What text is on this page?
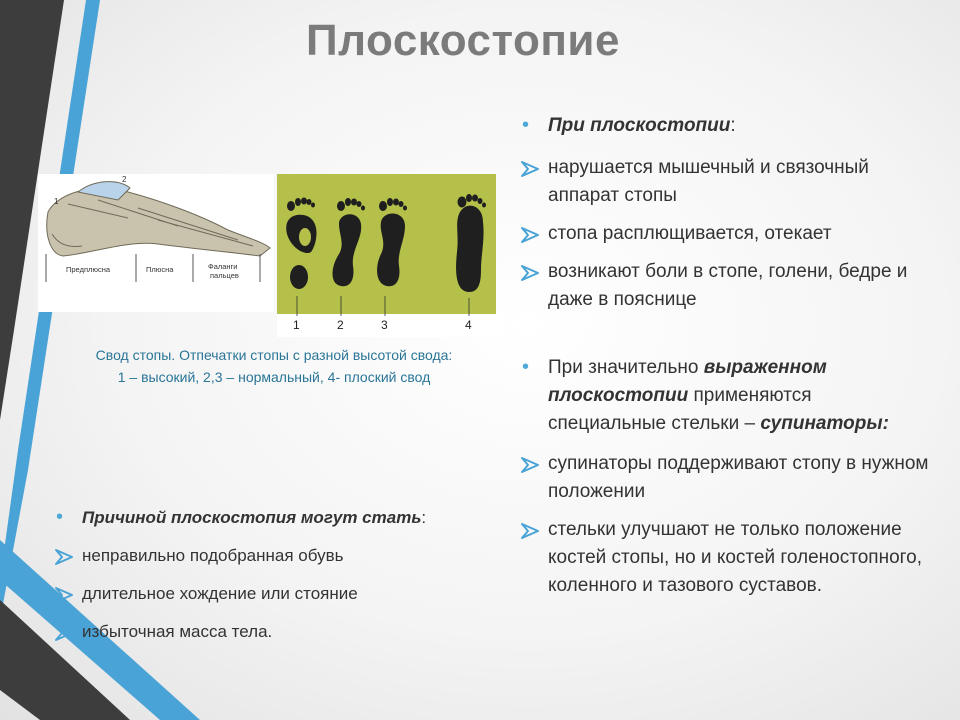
Плоскостопие
1
2
Предплюсна	Плюсна	Фаланги пальцев
1	2	3	4
Свод стопы. Отпечатки стопы с разной высотой свода:
1 – высокий, 2,3 – нормальный, 4- плоский свод
• При плоскостопии:
нарушается мышечный и связочный аппарат стопы
стопа расплющивается, отекает
возникают боли в стопе, голени, бедре и даже в пояснице
• При значительно выраженном плоскостопии применяются специальные стельки – супинаторы:
супинаторы поддерживают стопу в нужном положении
стельки улучшают не только положение костей стопы, но и костей голеностопного, коленного и тазового суставов.
• Причиной плоскостопия могут стать:
неправильно подобранная обувь
длительное хождение или стояние
избыточная масса тела.
